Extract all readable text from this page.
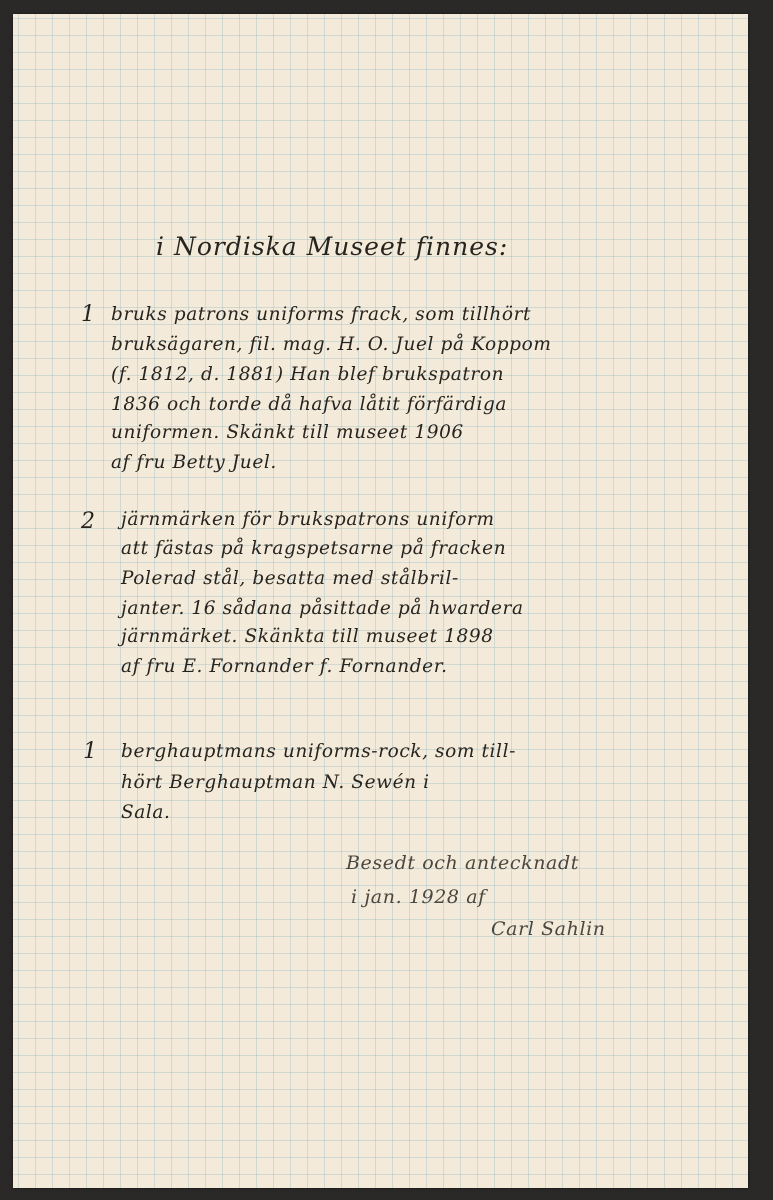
i Nordiska Museet finnes:
1 bruks patrons uniforms frack, som tillhört
bruksägaren, fil. mag. H. O. Juel på Koppom
(f. 1812, d. 1881) Han blef brukspatron
1836 och torde då hafva låtit förfärdiga
uniformen. Skänkt till museet 1906
af fru Betty Juel.
2 järnmärken för brukspatrons uniform
att fästas på kragspetsarne på fracken
Polerad stål, besatta med stålbril-
janter. 16 sådana påsittade på hwardera
järnmärket. Skänkta till museet 1898
af fru E. Fornander f. Fornander.
1 berghauptmans uniforms-rock, som till-
hört Berghauptman N. Sewén i
Sala.
Besedt och antecknadt
i jan. 1928 af
Carl Sahlin
